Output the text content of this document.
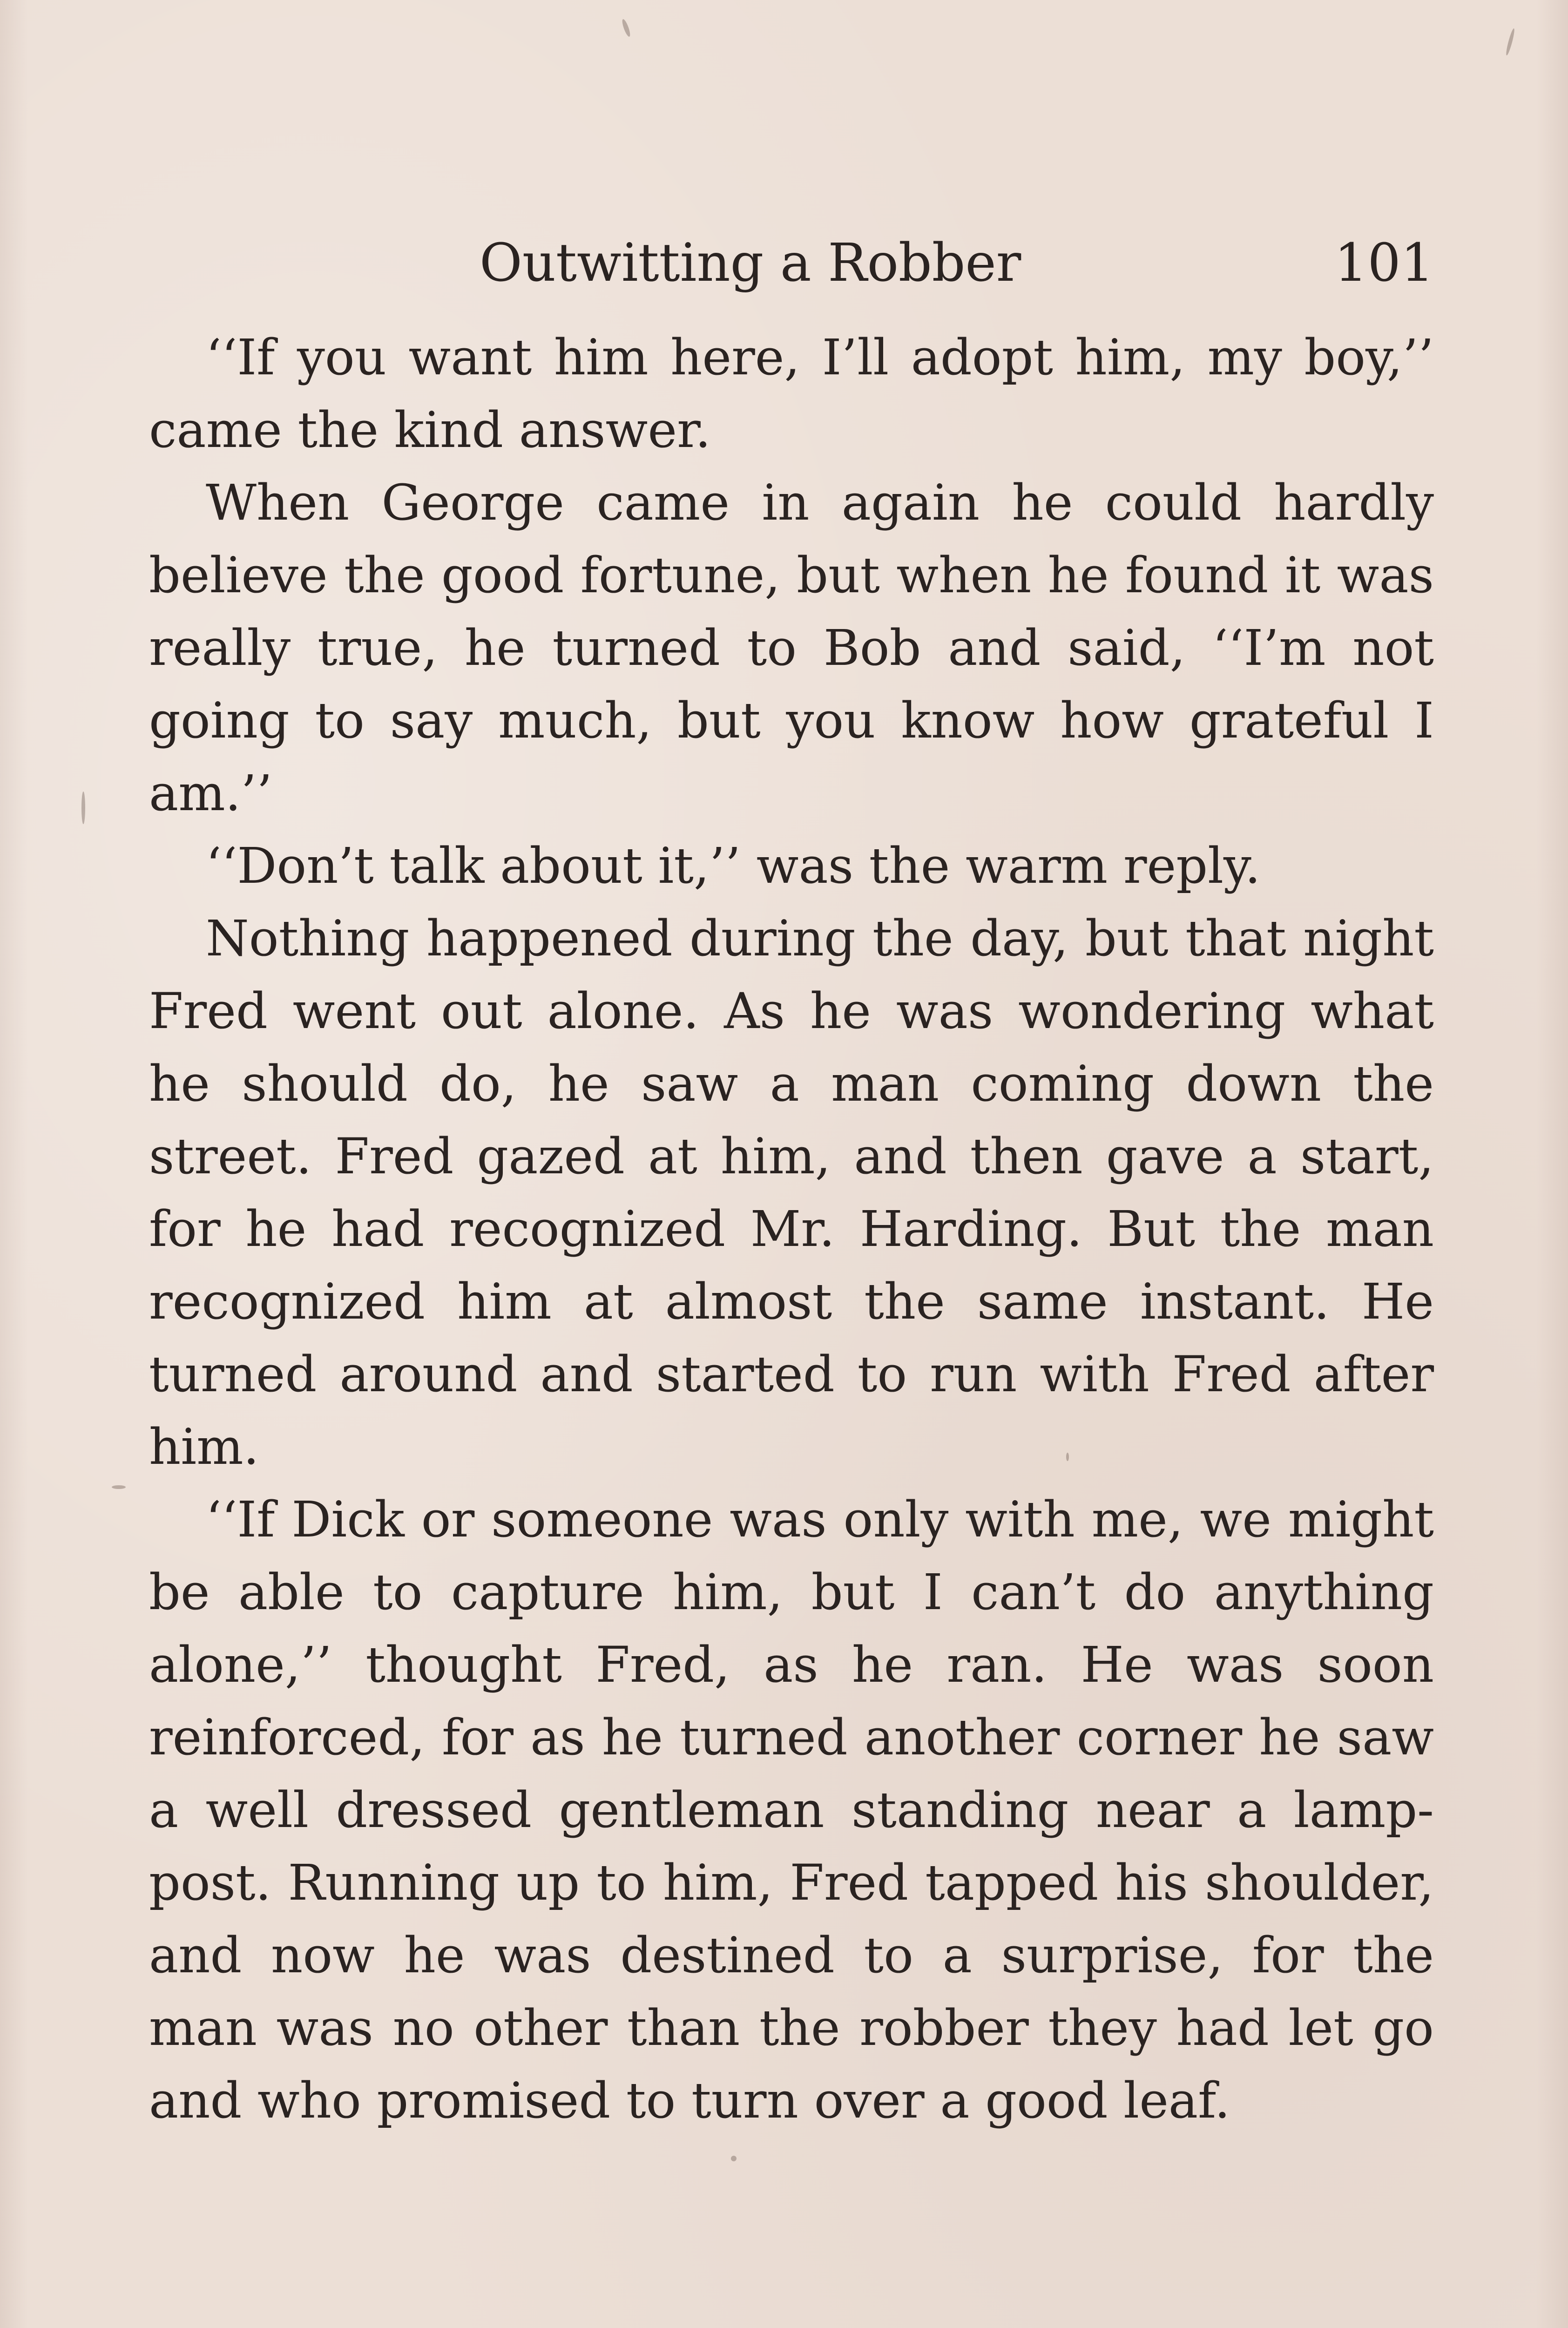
Outwitting a Robber	101

‘‘If you want him here, I’ll adopt him, my boy,’’ came the kind answer.

When George came in again he could hardly believe the good fortune, but when he found it was really true, he turned to Bob and said, ‘‘I’m not going to say much, but you know how grateful I am.’’

‘‘Don’t talk about it,’’ was the warm reply.

Nothing happened during the day, but that night Fred went out alone. As he was wondering what he should do, he saw a man coming down the street. Fred gazed at him, and then gave a start, for he had recognized Mr. Harding. But the man recognized him at almost the same instant. He turned around and started to run with Fred after him.

‘‘If Dick or someone was only with me, we might be able to capture him, but I can’t do anything alone,’’ thought Fred, as he ran. He was soon reinforced, for as he turned another corner he saw a well dressed gentleman standing near a lamp-post. Running up to him, Fred tapped his shoulder, and now he was destined to a surprise, for the man was no other than the robber they had let go and who promised to turn over a good leaf.
